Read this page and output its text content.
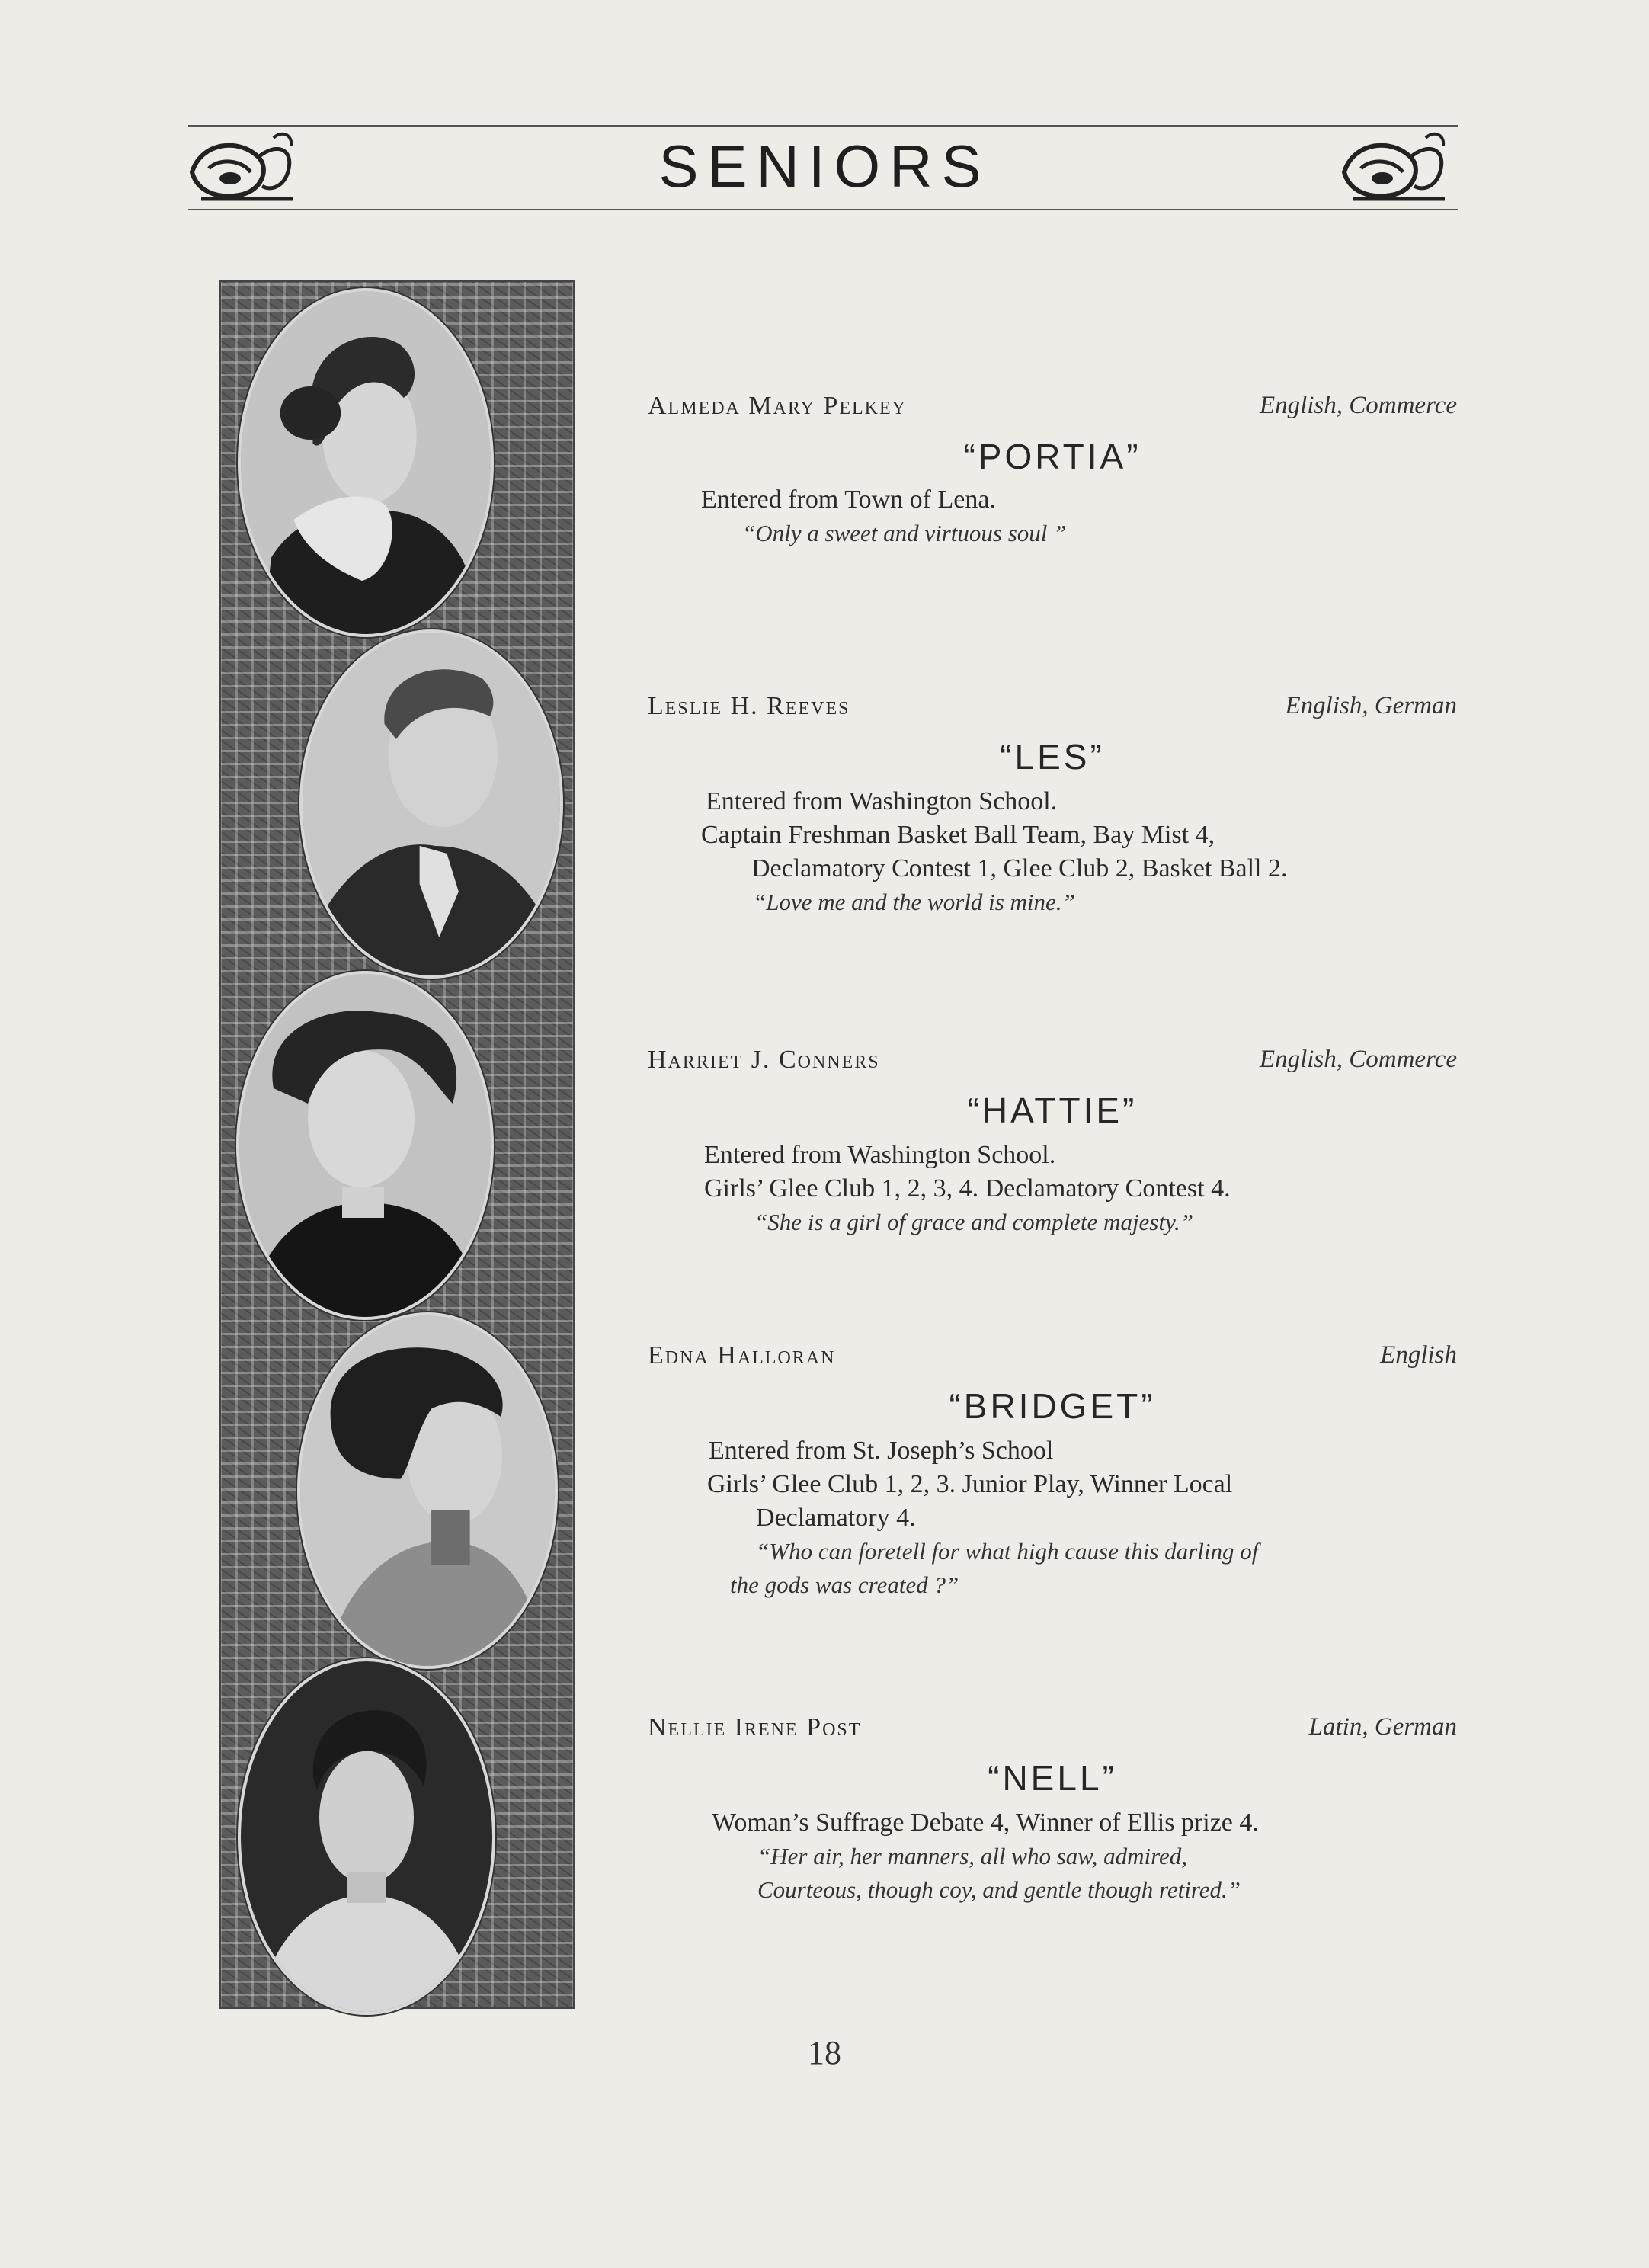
SENIORS
Almeda Mary Pelkey	English, Commerce
“PORTIA”
Entered from Town of Lena.
“Only a sweet and virtuous soul ”
Leslie H. Reeves	English, German
“LES”
Entered from Washington School.
Captain Freshman Basket Ball Team, Bay Mist 4,
Declamatory Contest 1, Glee Club 2, Basket Ball 2.
“Love me and the world is mine.”
Harriet J. Conners	English, Commerce
“HATTIE”
Entered from Washington School.
Girls’ Glee Club 1, 2, 3, 4. Declamatory Contest 4.
“She is a girl of grace and complete majesty.”
Edna Halloran	English
“BRIDGET”
Entered from St. Joseph’s School
Girls’ Glee Club 1, 2, 3. Junior Play, Winner Local
Declamatory 4.
“Who can foretell for what high cause this darling of
the gods was created ?”
Nellie Irene Post	Latin, German
“NELL”
Woman’s Suffrage Debate 4, Winner of Ellis prize 4.
“Her air, her manners, all who saw, admired,
Courteous, though coy, and gentle though retired.”
18
